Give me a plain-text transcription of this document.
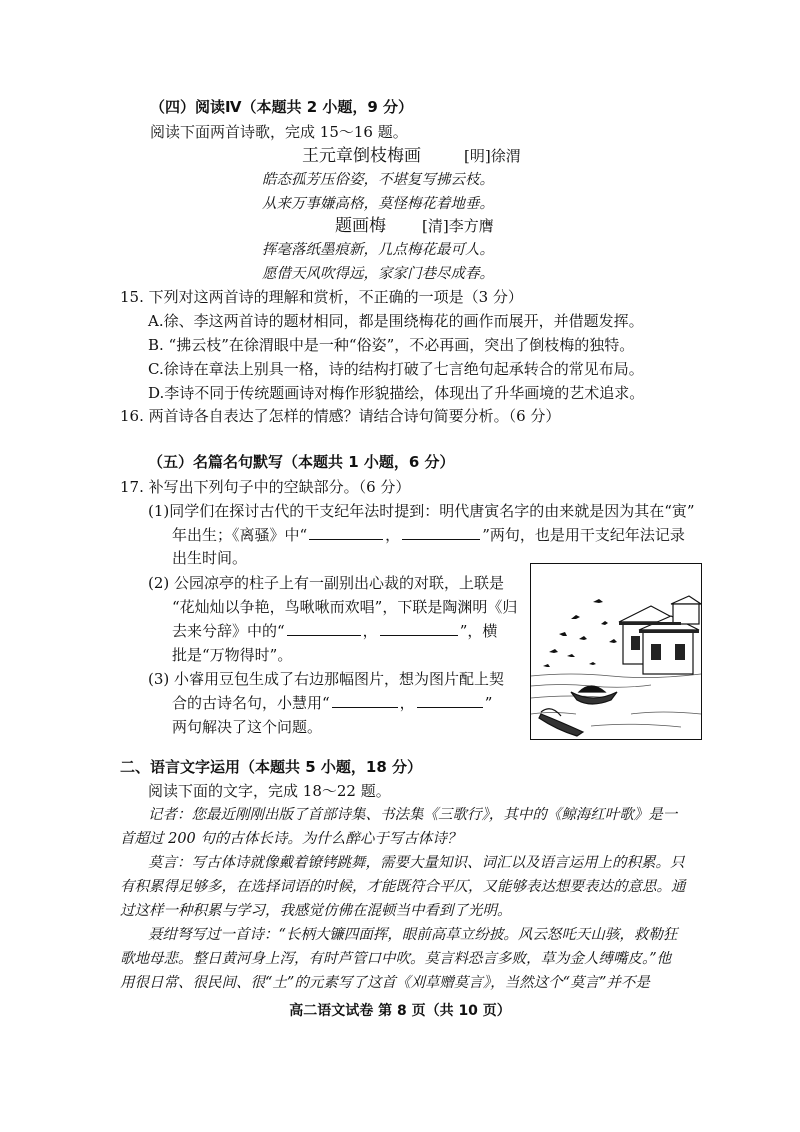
（四）阅读Ⅳ（本题共 2 小题，9 分）
阅读下面两首诗歌，完成 15～16 题。
王元章倒枝梅画	[明]徐渭
皓态孤芳压俗姿，不堪复写拂云枝。
从来万事嫌高格，莫怪梅花着地垂。
题画梅 [清]李方膺
挥毫落纸墨痕新，几点梅花最可人。
愿借天风吹得远，家家门巷尽成春。
15. 下列对这两首诗的理解和赏析，不正确的一项是（3 分）
A.徐、李这两首诗的题材相同，都是围绕梅花的画作而展开，并借题发挥。
B. “拂云枝”在徐渭眼中是一种“俗姿”，不必再画，突出了倒枝梅的独特。
C.徐诗在章法上别具一格，诗的结构打破了七言绝句起承转合的常见布局。
D.李诗不同于传统题画诗对梅作形貌描绘，体现出了升华画境的艺术追求。
16. 两首诗各自表达了怎样的情感？请结合诗句简要分析。（6 分）
（五）名篇名句默写（本题共 1 小题，6 分）
17. 补写出下列句子中的空缺部分。（6 分）
(1)同学们在探讨古代的干支纪年法时提到：明代唐寅名字的由来就是因为其在“寅”
年出生；《离骚》中“	，	”两句，也是用干支纪年法记录
出生时间。
(2) 公园凉亭的柱子上有一副别出心裁的对联，上联是
“花灿灿以争艳，鸟啾啾而欢唱”，下联是陶渊明《归
去来兮辞》中的“	，	”，横
批是“万物得时”。
(3) 小睿用豆包生成了右边那幅图片，想为图片配上契
合的古诗名句，小慧用“	，	”
两句解决了这个问题。
二、语言文字运用（本题共 5 小题，18 分）
阅读下面的文字，完成 18～22 题。
记者：您最近刚刚出版了首部诗集、书法集《三歌行》，其中的《鲸海红叶歌》是一
首超过 200 句的古体长诗。为什么醉心于写古体诗？
莫言：写古体诗就像戴着镣铐跳舞，需要大量知识、词汇以及语言运用上的积累。只
有积累得足够多，在选择词语的时候，才能既符合平仄，又能够表达想要表达的意思。通
过这样一种积累与学习，我感觉仿佛在混顿当中看到了光明。
聂绀弩写过一首诗：“长柄大镰四面挥，眼前高草立纷披。风云怒吒天山骇，救勒狂
歌地母悲。整日黄河身上泻，有时芦管口中吹。莫言料恐言多败，草为金人缚嘴皮。”他
用很日常、很民间、很“土”的元素写了这首《刈草赠莫言》，当然这个“莫言”并不是
高二语文试卷 第 8 页（共 10 页）
